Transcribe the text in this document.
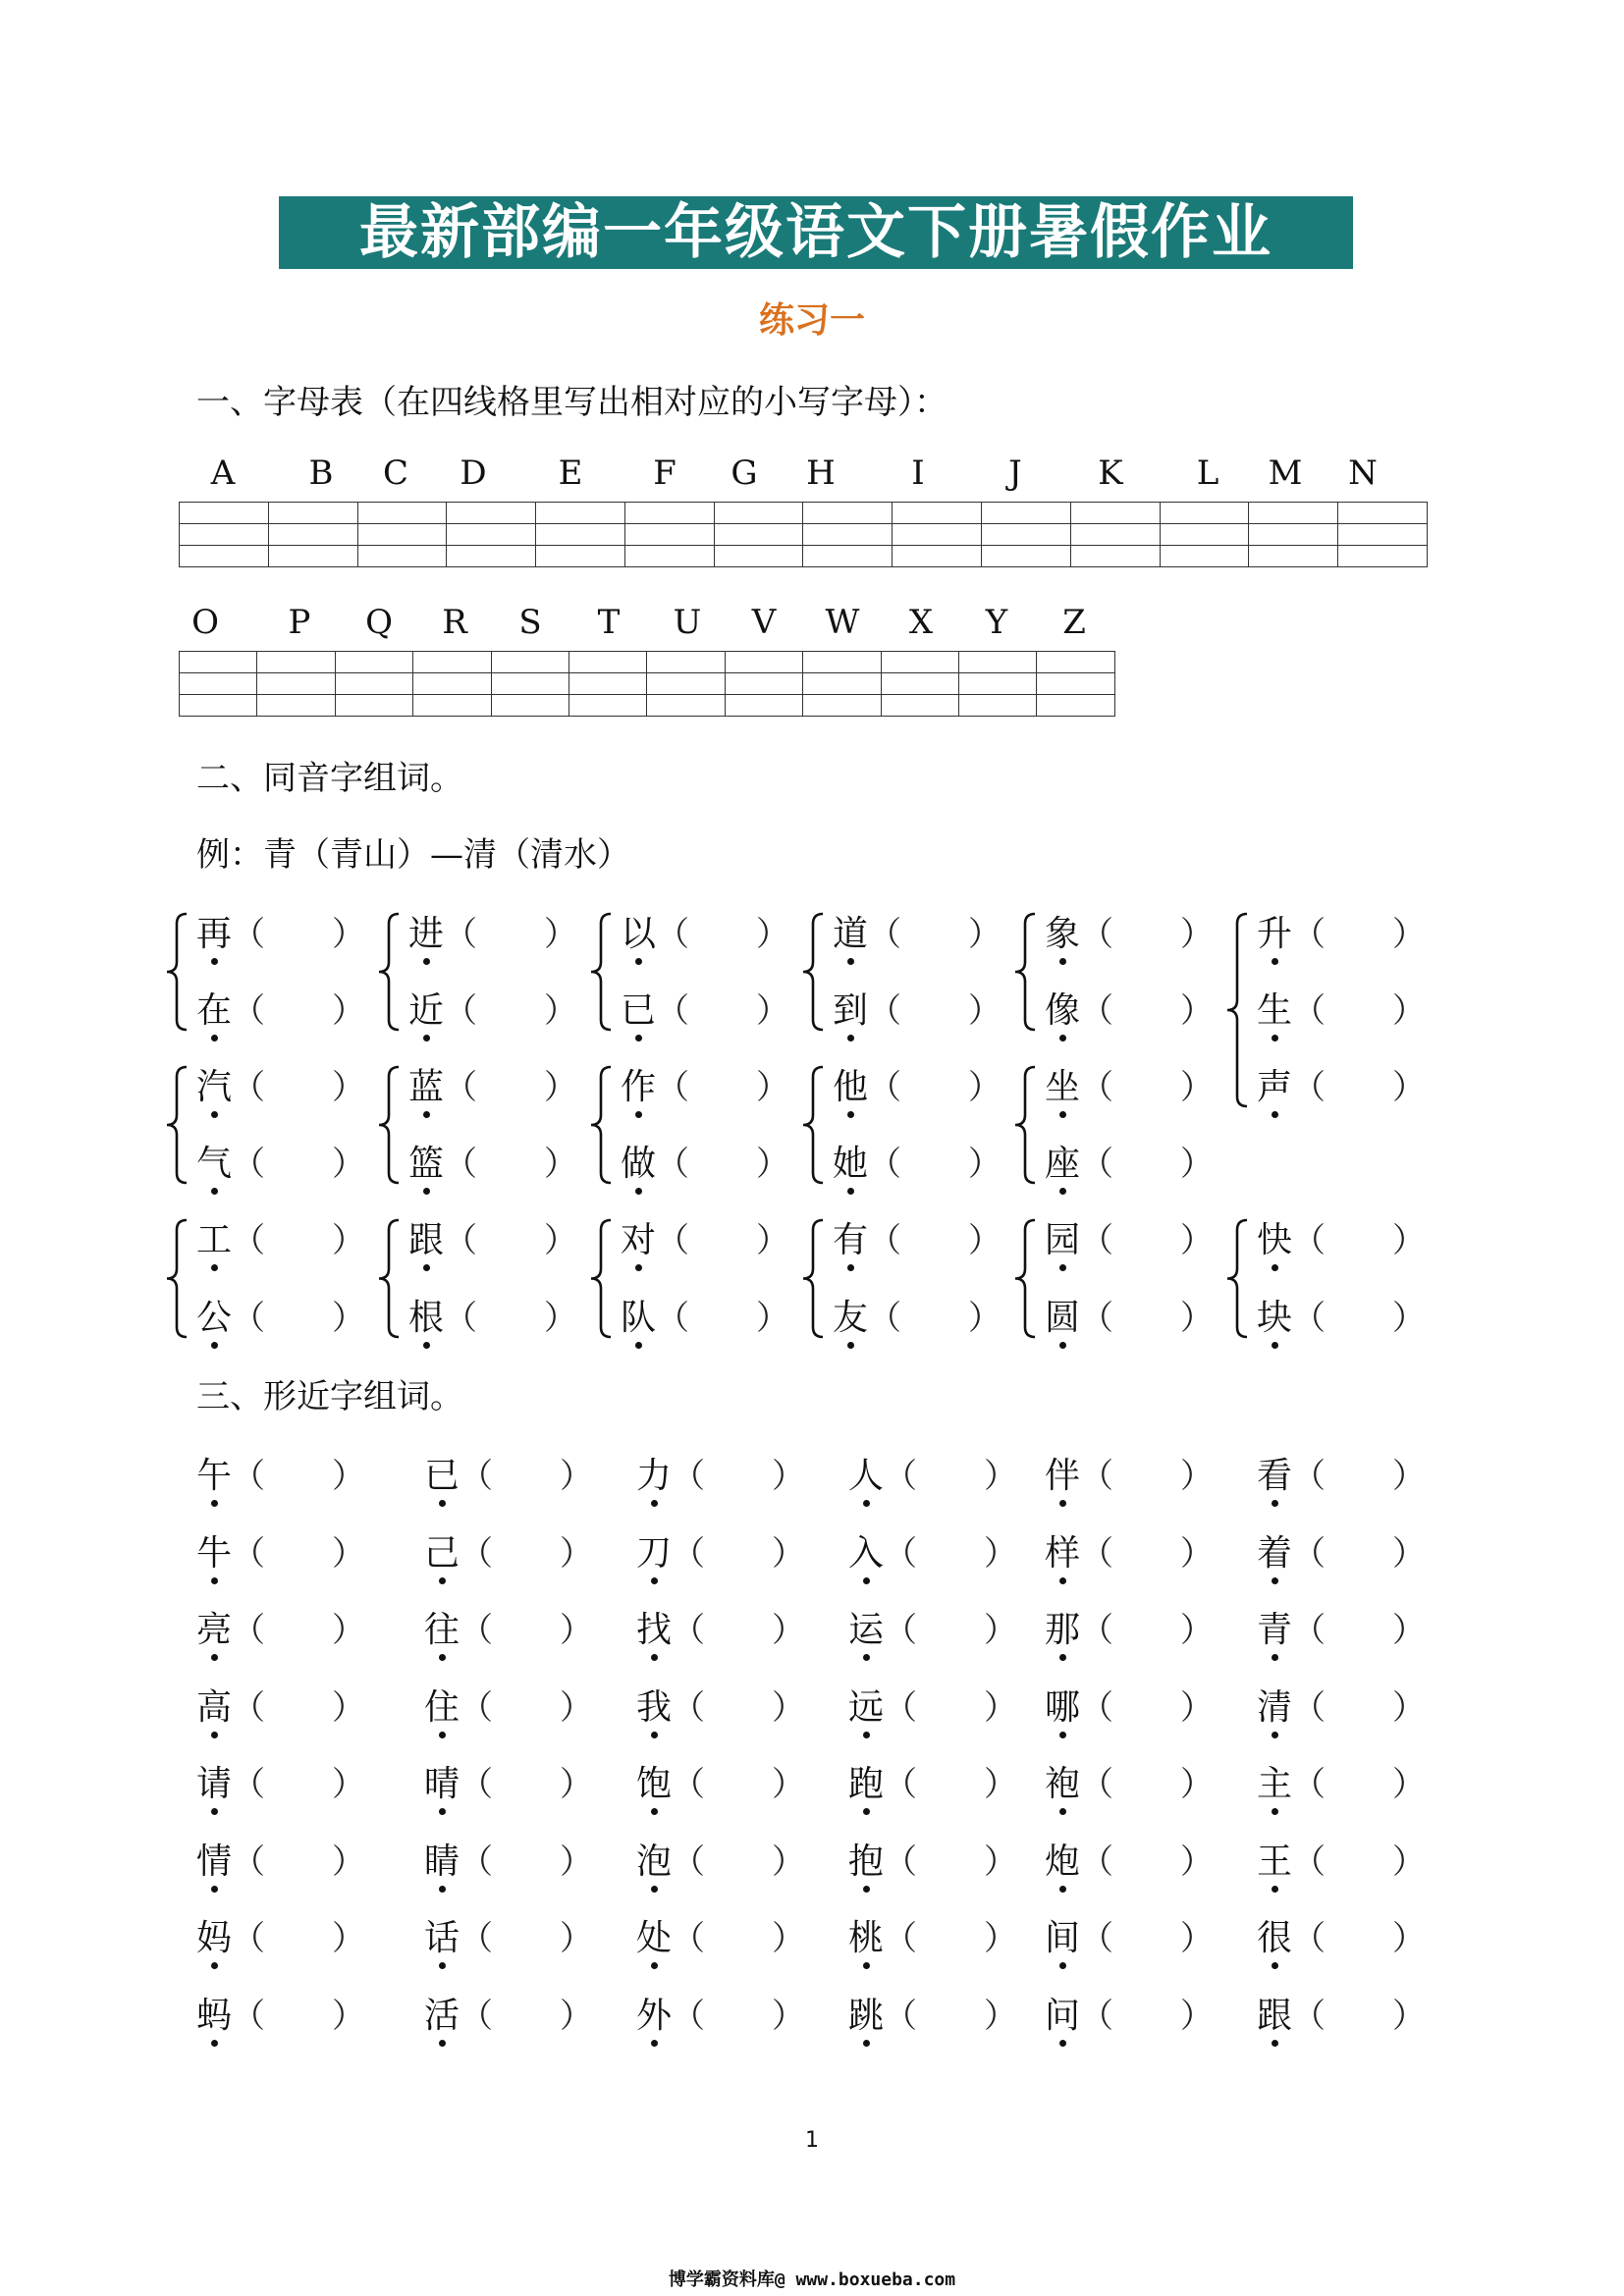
最新部编一年级语文下册暑假作业
练习一
一、字母表（在四线格里写出相对应的小写字母）：
A	B	C	D	E	F	G	H	I	J	K	L	M	N

O	P	Q	R	S	T	U	V	W	X	Y	Z

二、同音字组词。
例：青（青山）—清（清水）
再（　　）
在（　　）
进（　　）
近（　　）
以（　　）
已（　　）
道（　　）
到（　　）
象（　　）
像（　　）
升（　　）
生（　　）
声（　　）
汽（　　）
气（　　）
蓝（　　）
篮（　　）
作（　　）
做（　　）
他（　　）
她（　　）
坐（　　）
座（　　）
工（　　）
公（　　）
跟（　　）
根（　　）
对（　　）
队（　　）
有（　　）
友（　　）
园（　　）
圆（　　）
快（　　）
块（　　）
三、形近字组词。
午（　　） 已（　　） 力（　　） 人（　　） 伴（　　） 看（　　）
牛（　　） 己（　　） 刀（　　） 入（　　） 样（　　） 着（　　）
亮（　　） 往（　　） 找（　　） 运（　　） 那（　　） 青（　　）
高（　　） 住（　　） 我（　　） 远（　　） 哪（　　） 清（　　）
请（　　） 晴（　　） 饱（　　） 跑（　　） 袍（　　） 主（　　）
情（　　） 睛（　　） 泡（　　） 抱（　　） 炮（　　） 王（　　）
妈（　　） 话（　　） 处（　　） 桃（　　） 间（　　） 很（　　）
蚂（　　） 活（　　） 外（　　） 跳（　　） 问（　　） 跟（　　）
1
博学霸资料库@ www.boxueba.com
